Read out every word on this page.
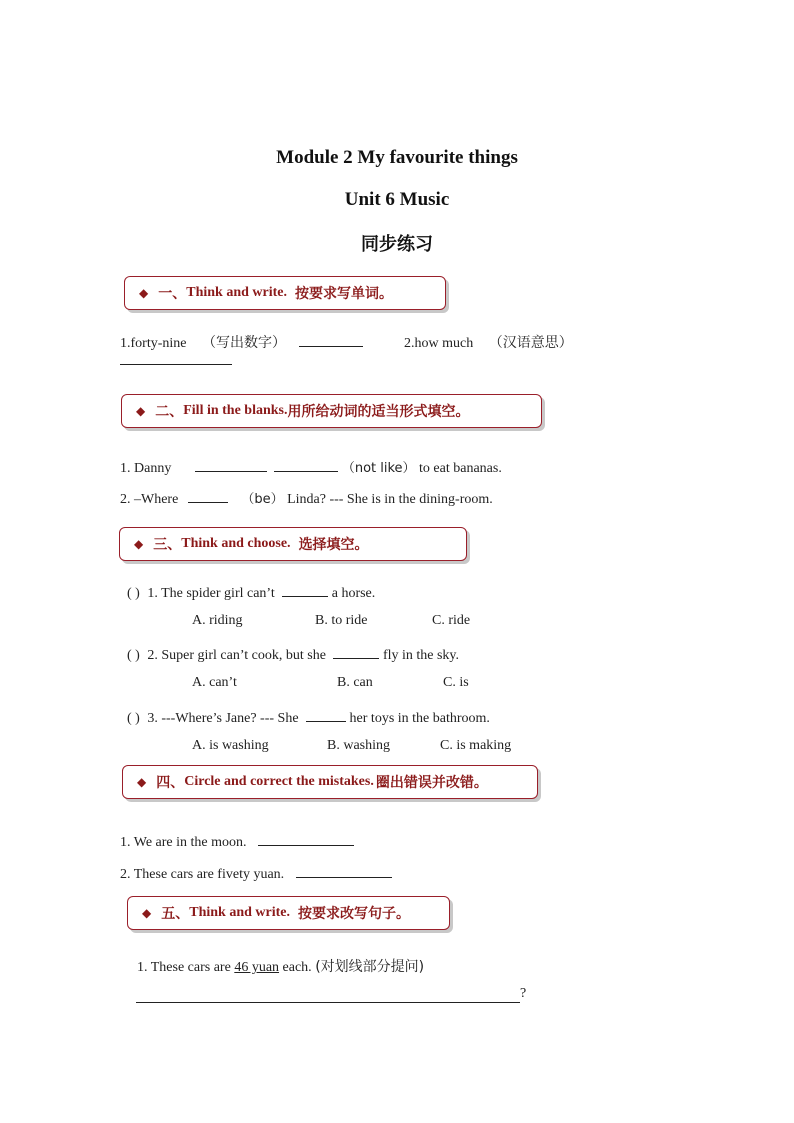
Module 2 My favourite things
Unit 6 Music
同步练习
◆ 一、 Think and write. 按要求写单词。
1.forty-nine （写出数字）	2.how much （汉语意思）
◆ 二、 Fill in the blanks. 用所给动词的适当形式填空。
1. Danny	（not like） to eat bananas.
2. –Where	（be） Linda? --- She is in the dining-room.
◆ 三、 Think and choose. 选择填空。
( ) 1. The spider girl can’t	a horse.
A. riding	B. to ride	C. ride
( ) 2. Super girl can’t cook, but she	fly in the sky.
A. can’t	B. can	C. is
( ) 3. ---Where’s Jane? --- She	her toys in the bathroom.
A. is washing	B. washing	C. is making
◆ 四、 Circle and correct the mistakes. 圈出错误并改错。
1. We are in the moon.
2. These cars are fivety yuan.
◆ 五、 Think and write. 按要求改写句子。
1. These cars are 46 yuan each. (对划线部分提问)
?
